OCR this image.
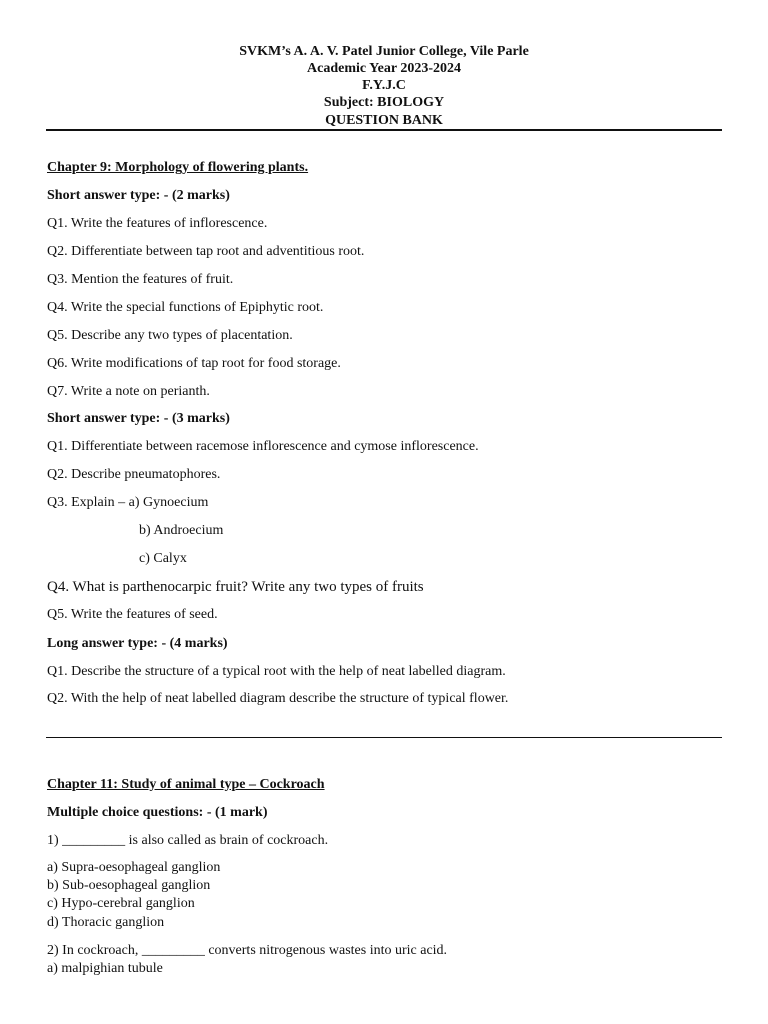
SVKM’s A. A. V. Patel Junior College, Vile Parle
Academic Year 2023-2024
F.Y.J.C
Subject: BIOLOGY
QUESTION BANK
Chapter 9: Morphology of flowering plants.
Short answer type: - (2 marks)
Q1. Write the features of inflorescence.
Q2. Differentiate between tap root and adventitious root.
Q3. Mention the features of fruit.
Q4. Write the special functions of Epiphytic root.
Q5. Describe any two types of placentation.
Q6. Write modifications of tap root for food storage.
Q7. Write a note on perianth.
Short answer type: - (3 marks)
Q1. Differentiate between racemose inflorescence and cymose inflorescence.
Q2. Describe pneumatophores.
Q3. Explain – a) Gynoecium
b) Androecium
c) Calyx
Q4. What is parthenocarpic fruit? Write any two types of fruits
Q5. Write the features of seed.
Long answer type: - (4 marks)
Q1. Describe the structure of a typical root with the help of neat labelled diagram.
Q2. With the help of neat labelled diagram describe the structure of typical flower.
Chapter 11: Study of animal type – Cockroach
Multiple choice questions: - (1 mark)
1) _________ is also called as brain of cockroach.
a) Supra-oesophageal ganglion
b) Sub-oesophageal ganglion
c) Hypo-cerebral ganglion
d) Thoracic ganglion
2) In cockroach, _________ converts nitrogenous wastes into uric acid.
a) malpighian tubule
